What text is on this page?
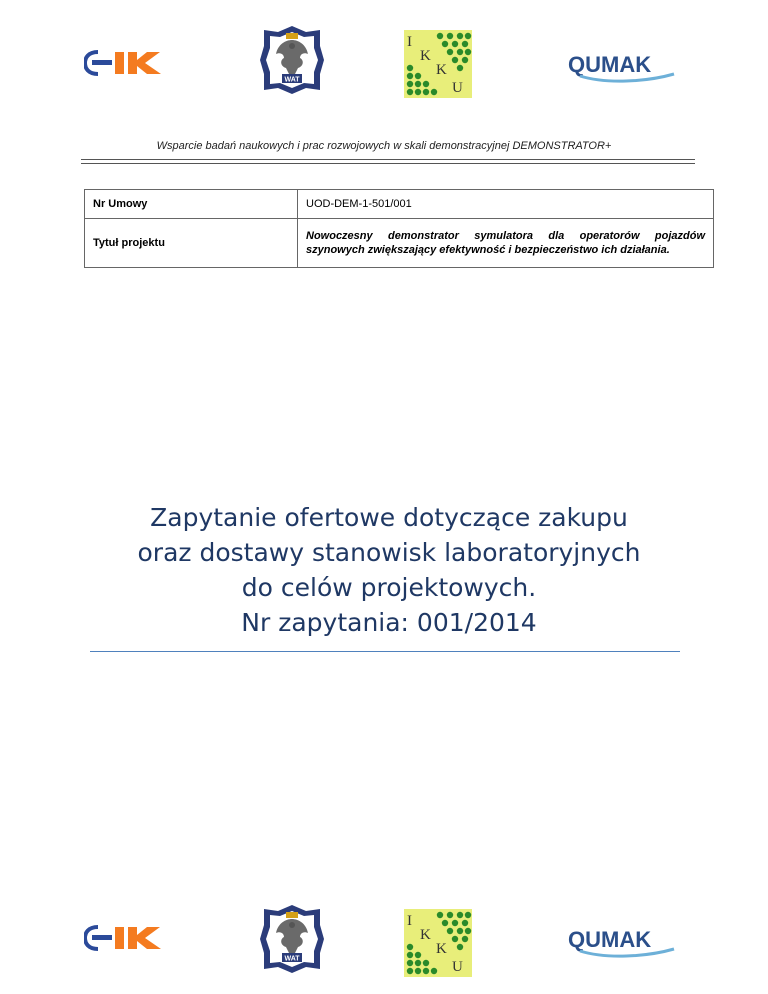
WAT
I
K
K
U
QUMAK
Wsparcie badań naukowych i prac rozwojowych w skali demonstracyjnej DEMONSTRATOR+
Nr Umowy	UOD-DEM-1-501/001
Tytuł projektu	Nowoczesny demonstrator symulatora dla operatorów pojazdów szynowych zwiększający efektywność i bezpieczeństwo ich działania.
Zapytanie ofertowe dotyczące zakupu
oraz dostawy stanowisk laboratoryjnych
do celów projektowych.
Nr zapytania: 001/2014
WAT
I
K
K
U
QUMAK
